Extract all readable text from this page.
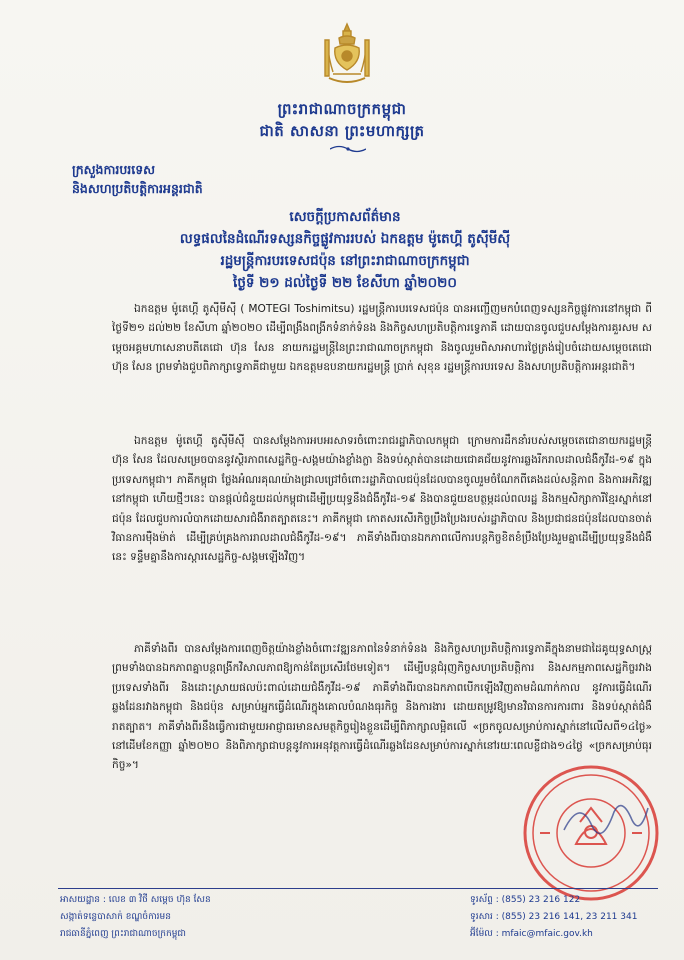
ព្រះរាជាណាចក្រកម្ពុជា
ជាតិ សាសនា ព្រះមហាក្សត្រ
ក្រសួងការបរទេស
និងសហប្រតិបត្តិការអន្តរជាតិ
សេចក្តីប្រកាសព័ត៌មាន
លទ្ធផលនៃដំណើរទស្សនកិច្ចផ្លូវការរបស់ ឯកឧត្តម ម៉ូតេហ្គី តូស៊ីមីស៊ី
រដ្ឋមន្ត្រីការបរទេសជប៉ុន នៅព្រះរាជាណាចក្រកម្ពុជា
ថ្ងៃទី ២១ ដល់ថ្ងៃទី ២២ ខែសីហា ឆ្នាំ២០២០
ឯកឧត្តម ម៉ូតេហ្គី តូស៊ីមីស៊ី ( MOTEGI Toshimitsu) រដ្ឋមន្ត្រីការបរទេសជប៉ុន បានអញ្ជើញមកបំពេញទស្សនកិច្ចផ្លូវការនៅកម្ពុជា ពីថ្ងៃទី២១ ដល់២២ ខែសីហា ឆ្នាំ២០២០ ដើម្បីពង្រឹងពង្រីកទំនាក់ទំនង និងកិច្ចសហប្រតិបត្តិការទ្វេភាគី ដោយបានចូលជួបសម្តែងការគួរសម សម្តេចអគ្គមហាសេនាបតីតេជោ ហ៊ុន សែន នាយករដ្ឋមន្ត្រីនៃព្រះរាជាណាចក្រកម្ពុជា និងចូលរួមពិសាអាហារថ្ងៃត្រង់រៀបចំដោយសម្តេចតេជោ ហ៊ុន សែន ព្រមទាំងជួបពិភាក្សាទ្វេភាគីជាមួយ ឯកឧត្តមឧបនាយករដ្ឋមន្ត្រី ប្រាក់ សុខុន រដ្ឋមន្ត្រីការបរទេស និងសហប្រតិបត្តិការអន្តរជាតិ។
ឯកឧត្តម ម៉ូតេហ្គី តូស៊ីមីស៊ី បានសម្តែងការអបអរសាទរចំពោះរាជរដ្ឋាភិបាលកម្ពុជា ក្រោមការដឹកនាំរបស់សម្តេចតេជោនាយករដ្ឋមន្ត្រី ហ៊ុន សែន ដែលសម្រេចបាននូវស្ថិរភាពសេដ្ឋកិច្ច-សង្គមយ៉ាងខ្លាំងក្លា និងទប់ស្កាត់បានដោយជោគជ័យនូវការឆ្លងរីករាលដាលជំងឺកូវីដ-១៩ ក្នុងប្រទេសកម្ពុជា។ ភាគីកម្ពុជា ថ្លែងអំណរគុណយ៉ាងជ្រាលជ្រៅចំពោះរដ្ឋាភិបាលជប៉ុនដែលបានចូលរួមចំណែកពីគេងដល់សន្តិភាព និងការអភិវឌ្ឍនៅកម្ពុជា ហើយថ្មីៗនេះ បានផ្តល់ជំនួយដល់កម្ពុជាដើម្បីប្រយុទ្ធនឹងជំងឺកូវីដ-១៩ និងបានជួយឧបត្ថម្ភដល់ពលរដ្ឋ និងកម្មសិក្សាការីខ្មែរស្នាក់នៅជប៉ុន ដែលជួបការលំបាកដោយសារជំងឺរាតត្បាតនេះ។ ភាគីកម្ពុជា កោតសរសើរកិច្ចប្រឹងប្រែងរបស់រដ្ឋាភិបាល និងប្រជាជនជប៉ុនដែលបានចាត់វិធានការម៉ឺងម៉ាត់ ដើម្បីគ្រប់គ្រងការរាលដាលជំងឺកូវីដ-១៩។ ភាគីទាំងពីរបានឯកភាពលើការបន្តកិច្ចខិតខំប្រឹងប្រែងរួមគ្នាដើម្បីប្រយុទ្ធនឹងជំងឺនេះ ទន្ទឹមគ្នានឹងការស្តារសេដ្ឋកិច្ច-សង្គមឡើងវិញ។
ភាគីទាំងពីរ បានសម្តែងការពេញចិត្តយ៉ាងខ្លាំងចំពោះវឌ្ឍនភាពនៃទំនាក់ទំនង និងកិច្ចសហប្រតិបត្តិការទ្វេភាគីក្នុងនាមជាដៃគូយុទ្ធសាស្ត្រ ព្រមទាំងបានឯកភាពគ្នាបន្តពង្រីកវិសាលភាពឱ្យកាន់តែប្រសើរថែមទៀត។ ដើម្បីបន្តជំរុញកិច្ចសហប្រតិបត្តិការ និងសកម្មភាពសេដ្ឋកិច្ចរវាងប្រទេសទាំងពីរ និងដោះស្រាយផលប៉ះពាល់ដោយជំងឺកូវីដ-១៩ ភាគីទាំងពីរបានឯកភាពបើកឡើងវិញតាមដំណាក់កាល នូវការធ្វើដំណើរឆ្លងដែនរវាងកម្ពុជា និងជប៉ុន សម្រាប់អ្នកធ្វើដំណើរក្នុងគោលបំណងធុរកិច្ច និងការងារ ដោយតម្រូវឱ្យមានវិធានការការពារ និងទប់ស្កាត់ជំងឺរាតត្បាត។ ភាគីទាំងពីរនឹងធ្វើការជាមួយអាជ្ញាធរមានសមត្ថកិច្ចរៀងខ្លួនដើម្បីពិភាក្សាលម្អិតលើ «ច្រកចូលសម្រាប់ការស្នាក់នៅលើសពី១៤ថ្ងៃ» នៅដើមខែកញ្ញា ឆ្នាំ២០២០ និងពិភាក្សាជាបន្តនូវការអនុវត្តការធ្វើដំណើរឆ្លងដែនសម្រាប់ការស្នាក់នៅរយៈពេលខ្លីជាង១៤ថ្ងៃ «ច្រកសម្រាប់ធុរកិច្ច»។
អាសយដ្ឋាន : លេខ ៣ វិថី សម្តេច ហ៊ុន សែន
សង្កាត់ទន្លេបាសាក់ ខណ្ឌចំការមន
រាជធានីភ្នំពេញ ព្រះរាជាណាចក្រកម្ពុជា
ទូរស័ព្ទ : (855) 23 216 122
ទូរសារ : (855) 23 216 141, 23 211 341
អ៊ីម៉ែល : mfaic@mfaic.gov.kh
